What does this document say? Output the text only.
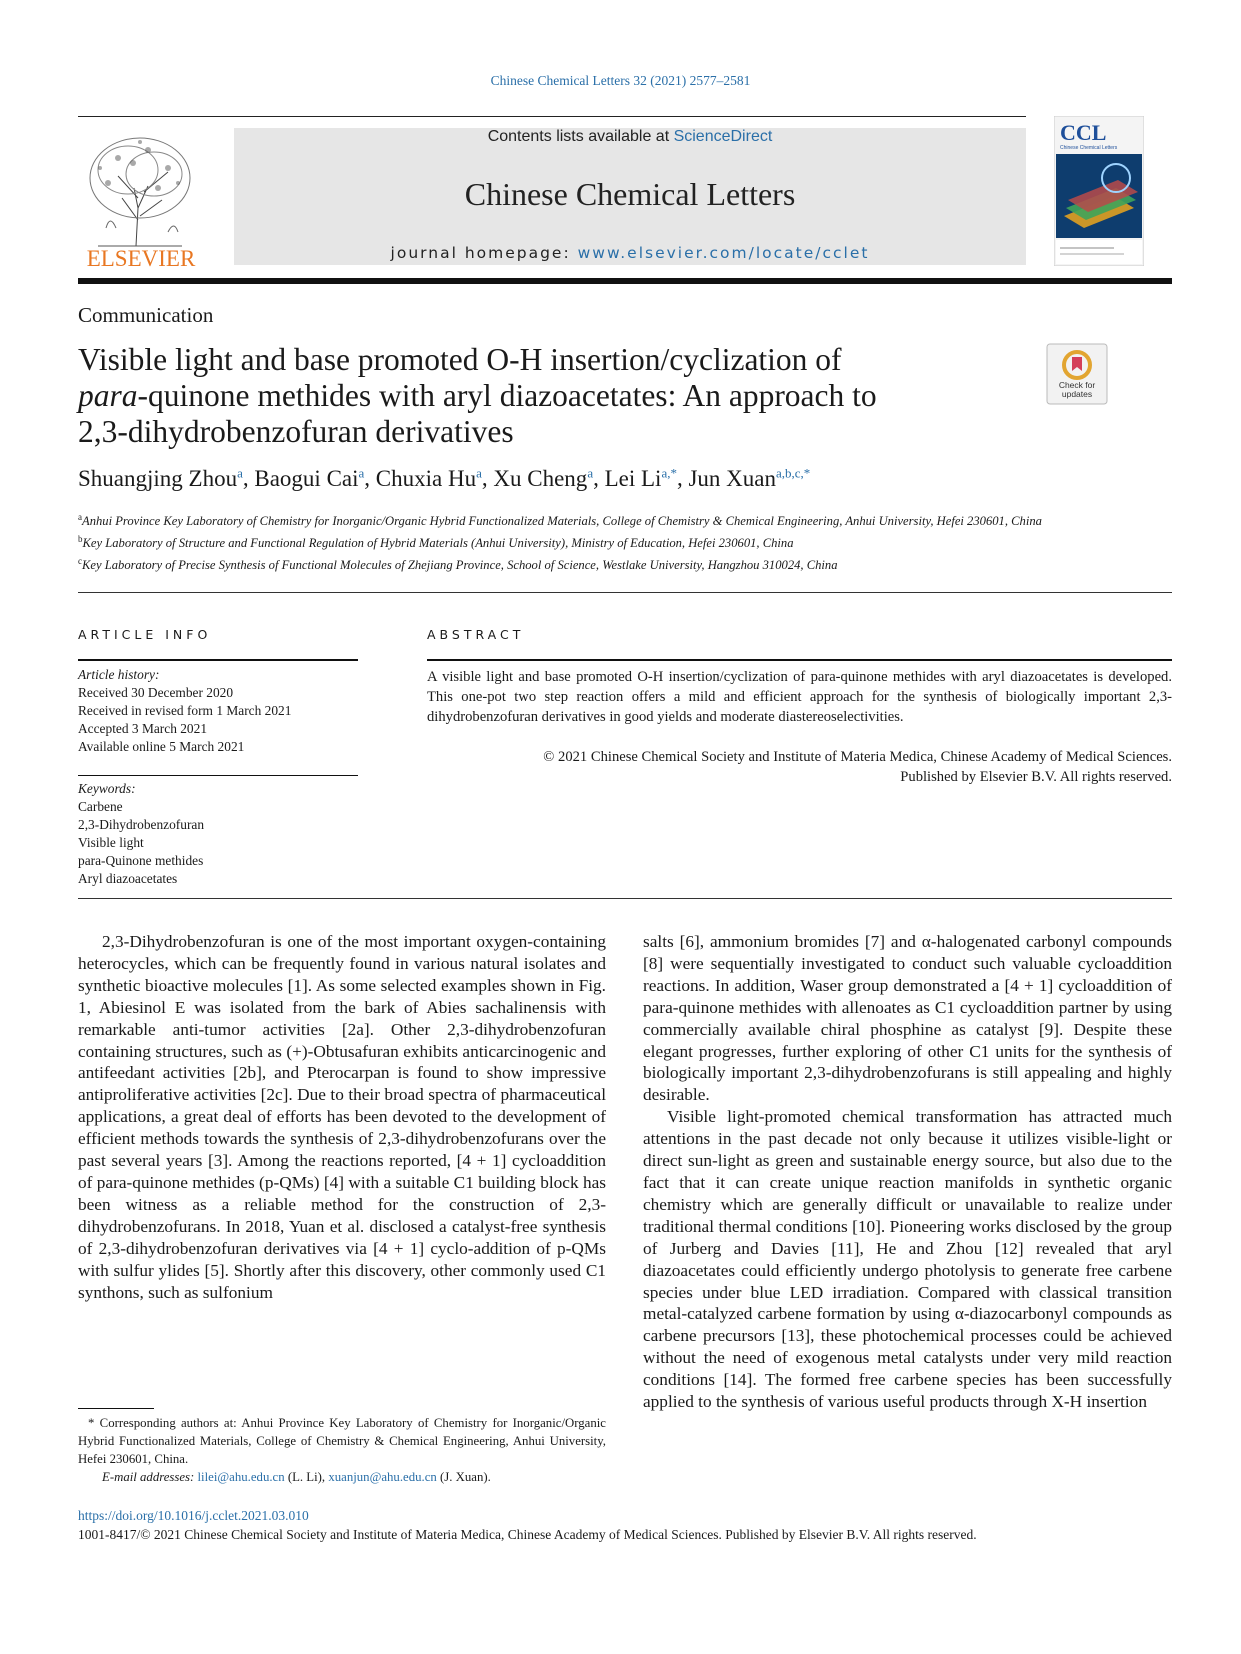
Chinese Chemical Letters 32 (2021) 2577–2581
ELSEVIER
Contents lists available at ScienceDirect
Chinese Chemical Letters
journal homepage: www.elsevier.com/locate/cclet
CCL
Chinese Chemical Letters
Communication
Visible light and base promoted O-H insertion/cyclization of
para-quinone methides with aryl diazoacetates: An approach to
2,3-dihydrobenzofuran derivatives
Check for updates
Shuangjing Zhou$^a$, Baogui Cai$^a$, Chuxia Hu$^a$, Xu Cheng$^a$, Lei $Li^{a,*}$, Jun Xuan$^{a,b,c,*}$
$^a$Anhui Province Key Laboratory of Chemistry for Inorganic/Organic Hybrid Functionalized Materials, College of Chemistry & Chemical Engineering, Anhui University, Hefei 230601, China
$^b$Key Laboratory of Structure and Functional Regulation of Hybrid Materials (Anhui University), Ministry of Education, Hefei 230601, China
$^c$Key Laboratory of Precise Synthesis of Functional Molecules of Zhejiang Province, School of Science, Westlake University, Hangzhou 310024, China
ARTICLE INFO	ABSTRACT
Article history:
Received 30 December 2020
Received in revised form 1 March 2021
Accepted 3 March 2021
Available online 5 March 2021
Keywords:
Carbene
2,3-Dihydrobenzofuran
Visible light
para-Quinone methides
Aryl diazoacetates
A visible light and base promoted O-H insertion/cyclization of para-quinone methides with aryl diazoacetates is developed. This one-pot two step reaction offers a mild and efficient approach for the synthesis of biologically important 2,3-dihydrobenzofuran derivatives in good yields and moderate diastereoselectivities.
© 2021 Chinese Chemical Society and Institute of Materia Medica, Chinese Academy of Medical Sciences.
Published by Elsevier B.V. All rights reserved.

2,3-Dihydrobenzofuran is one of the most important oxygen-containing heterocycles, which can be frequently found in various natural isolates and synthetic bioactive molecules [1]. As some selected examples shown in Fig. 1, Abiesinol E was isolated from the bark of Abies sachalinensis with remarkable anti-tumor activities [2a]. Other 2,3-dihydrobenzofuran containing structures, such as (+)-Obtusafuran exhibits anticarcinogenic and antifeedant activities [2b], and Pterocarpan is found to show impressive antiproliferative activities [2c]. Due to their broad spectra of pharmaceutical applications, a great deal of efforts has been devoted to the development of efficient methods towards the synthesis of 2,3-dihydrobenzofurans over the past several years [3]. Among the reactions reported, [4 + 1] cycloaddition of para-quinone methides (p-QMs) [4] with a suitable C1 building block has been witness as a reliable method for the construction of 2,3-dihydrobenzofurans. In 2018, Yuan et al. disclosed a catalyst-free synthesis of 2,3-dihydrobenzofuran derivatives via [4 + 1] cyclo-addition of p-QMs with sulfur ylides [5]. Shortly after this discovery, other commonly used C1 synthons, such as sulfonium

salts [6], ammonium bromides [7] and α-halogenated carbonyl compounds [8] were sequentially investigated to conduct such valuable cycloaddition reactions. In addition, Waser group demonstrated a [4 + 1] cycloaddition of para-quinone methides with allenoates as C1 cycloaddition partner by using commercially available chiral phosphine as catalyst [9]. Despite these elegant progresses, further exploring of other C1 units for the synthesis of biologically important 2,3-dihydrobenzofurans is still appealing and highly desirable.

Visible light-promoted chemical transformation has attracted much attentions in the past decade not only because it utilizes visible-light or direct sun-light as green and sustainable energy source, but also due to the fact that it can create unique reaction manifolds in synthetic organic chemistry which are generally difficult or unavailable to realize under traditional thermal conditions [10]. Pioneering works disclosed by the group of Jurberg and Davies [11], He and Zhou [12] revealed that aryl diazoacetates could efficiently undergo photolysis to generate free carbene species under blue LED irradiation. Compared with classical transition metal-catalyzed carbene formation by using α-diazocarbonyl compounds as carbene precursors [13], these photochemical processes could be achieved without the need of exogenous metal catalysts under very mild reaction conditions [14]. The formed free carbene species has been successfully applied to the synthesis of various useful products through X-H insertion

* Corresponding authors at: Anhui Province Key Laboratory of Chemistry for Inorganic/Organic Hybrid Functionalized Materials, College of Chemistry & Chemical Engineering, Anhui University, Hefei 230601, China.
E-mail addresses: lilei@ahu.edu.cn (L. Li), xuanjun@ahu.edu.cn (J. Xuan).
https://doi.org/10.1016/j.cclet.2021.03.010
1001-8417/© 2021 Chinese Chemical Society and Institute of Materia Medica, Chinese Academy of Medical Sciences. Published by Elsevier B.V. All rights reserved.
